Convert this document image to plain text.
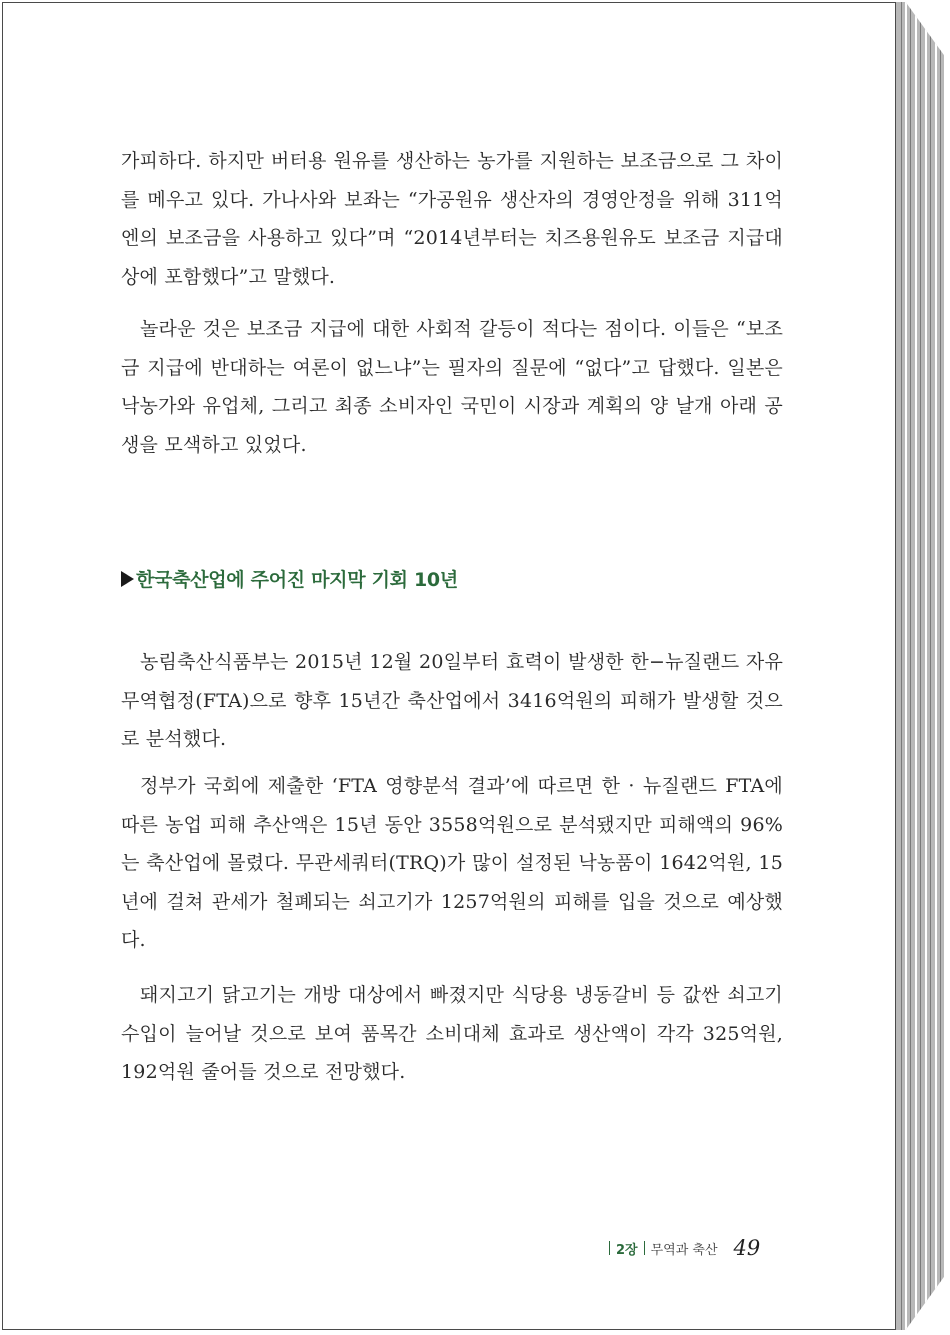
가피하다. 하지만 버터용 원유를 생산하는 농가를 지원하는 보조금으로 그 차이를 메우고 있다. 가나사와 보좌는 “가공원유 생산자의 경영안정을 위해 311억엔의 보조금을 사용하고 있다”며 “2014년부터는 치즈용원유도 보조금 지급대상에 포함했다”고 말했다.

놀라운 것은 보조금 지급에 대한 사회적 갈등이 적다는 점이다. 이들은 “보조금 지급에 반대하는 여론이 없느냐”는 필자의 질문에 “없다”고 답했다. 일본은 낙농가와 유업체, 그리고 최종 소비자인 국민이 시장과 계획의 양 날개 아래 공생을 모색하고 있었다.

한국축산업에 주어진 마지막 기회 10년

농림축산식품부는 2015년 12월 20일부터 효력이 발생한 한−뉴질랜드 자유무역협정(FTA)으로 향후 15년간 축산업에서 3416억원의 피해가 발생할 것으로 분석했다.

정부가 국회에 제출한 ‘FTA 영향분석 결과’에 따르면 한 · 뉴질랜드 FTA에 따른 농업 피해 추산액은 15년 동안 3558억원으로 분석됐지만 피해액의 96%는 축산업에 몰렸다. 무관세쿼터(TRQ)가 많이 설정된 낙농품이 1642억원, 15년에 걸쳐 관세가 철폐되는 쇠고기가 1257억원의 피해를 입을 것으로 예상했다.

돼지고기 닭고기는 개방 대상에서 빠졌지만 식당용 냉동갈비 등 값싼 쇠고기 수입이 늘어날 것으로 보여 품목간 소비대체 효과로 생산액이 각각 325억원, 192억원 줄어들 것으로 전망했다.

2장 무역과 축산 49
